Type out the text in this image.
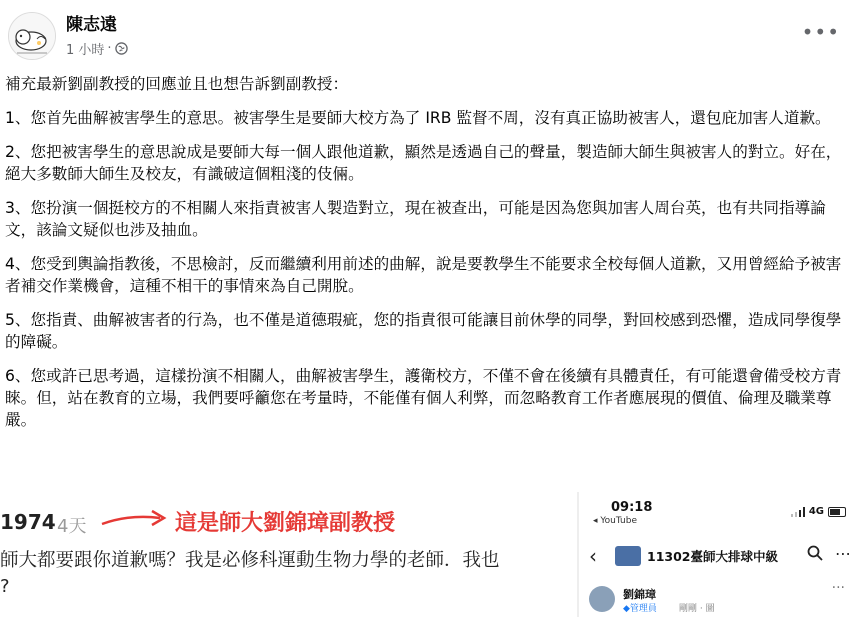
陳志遠
1 小時 ·
•••

補充最新劉副教授的回應並且也想告訴劉副教授：

1、您首先曲解被害學生的意思。被害學生是要師大校方為了 IRB 監督不周，沒有真正協助被害人，還包庇加害人道歉。

2、您把被害學生的意思說成是要師大每一個人跟他道歉，顯然是透過自己的聲量，製造師大師生與被害人的對立。好在，絕大多數師大師生及校友，有識破這個粗淺的伎倆。

3、您扮演一個挺校方的不相關人來指責被害人製造對立，現在被查出，可能是因為您與加害人周台英，也有共同指導論文，該論文疑似也涉及抽血。

4、您受到輿論指教後，不思檢討，反而繼續利用前述的曲解，說是要教學生不能要求全校每個人道歉，又用曾經給予被害者補交作業機會，這種不相干的事情來為自己開脫。

5、您指責、曲解被害者的行為，也不僅是道德瑕疵，您的指責很可能讓目前休學的同學，對回校感到恐懼，造成同學復學的障礙。

6、您或許已思考過，這樣扮演不相關人，曲解被害學生，護衛校方，不僅不會在後續有具體責任，有可能還會備受校方青睞。但，站在教育的立場，我們要呼籲您在考量時，不能僅有個人利弊，而忽略教育工作者應展現的價值、倫理及職業尊嚴。

1974 4天	這是師大劉錦璋副教授
師大都要跟你道歉嗎？我是必修科運動生物力學的老師．我也
?
09:18
◂ YouTube
4G
‹	11302臺師大排球中級	⋯
劉錦璋
◆管理員 剛剛 · 圖
···
